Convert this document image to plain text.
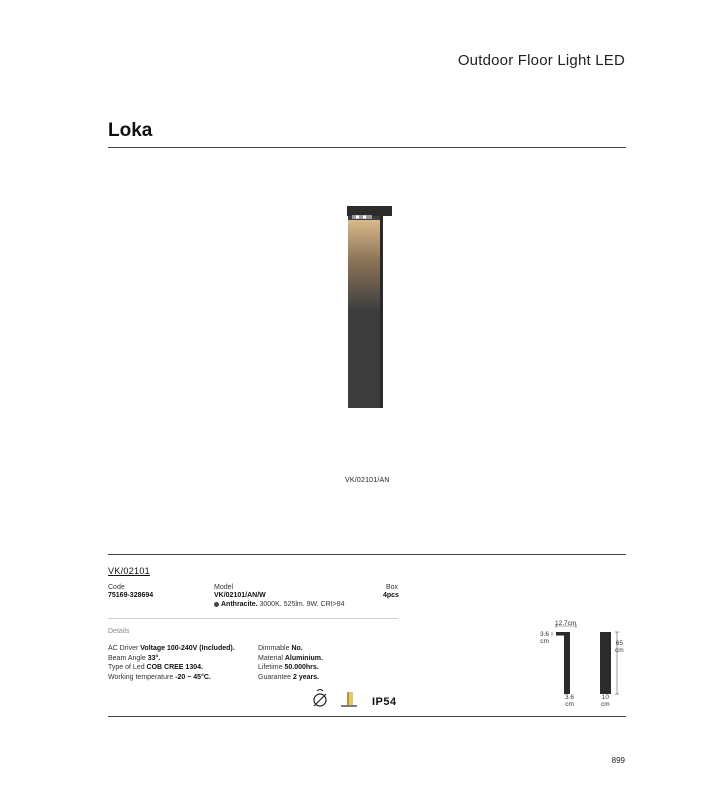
Outdoor Floor Light LED
Loka
VK/02101/AN
VK/02101
Code
75169-328694
Model
VK/02101/AN/W
Anthracite. 3000K. 525lm. 9W. CRI>84
Box
4pcs
Details
AC Driver Voltage 100-240V (Included).
Beam Angle 33°.
Type of Led COB CREE 1304.
Working temperature -20 ~ 45°C.
Dimmable No.
Material Aluminium.
Lifetime 50.000hrs.
Guarantee 2 years.
IP54
12.7cm
3.6
cm
3.6
cm
10
cm
65
cm
899
